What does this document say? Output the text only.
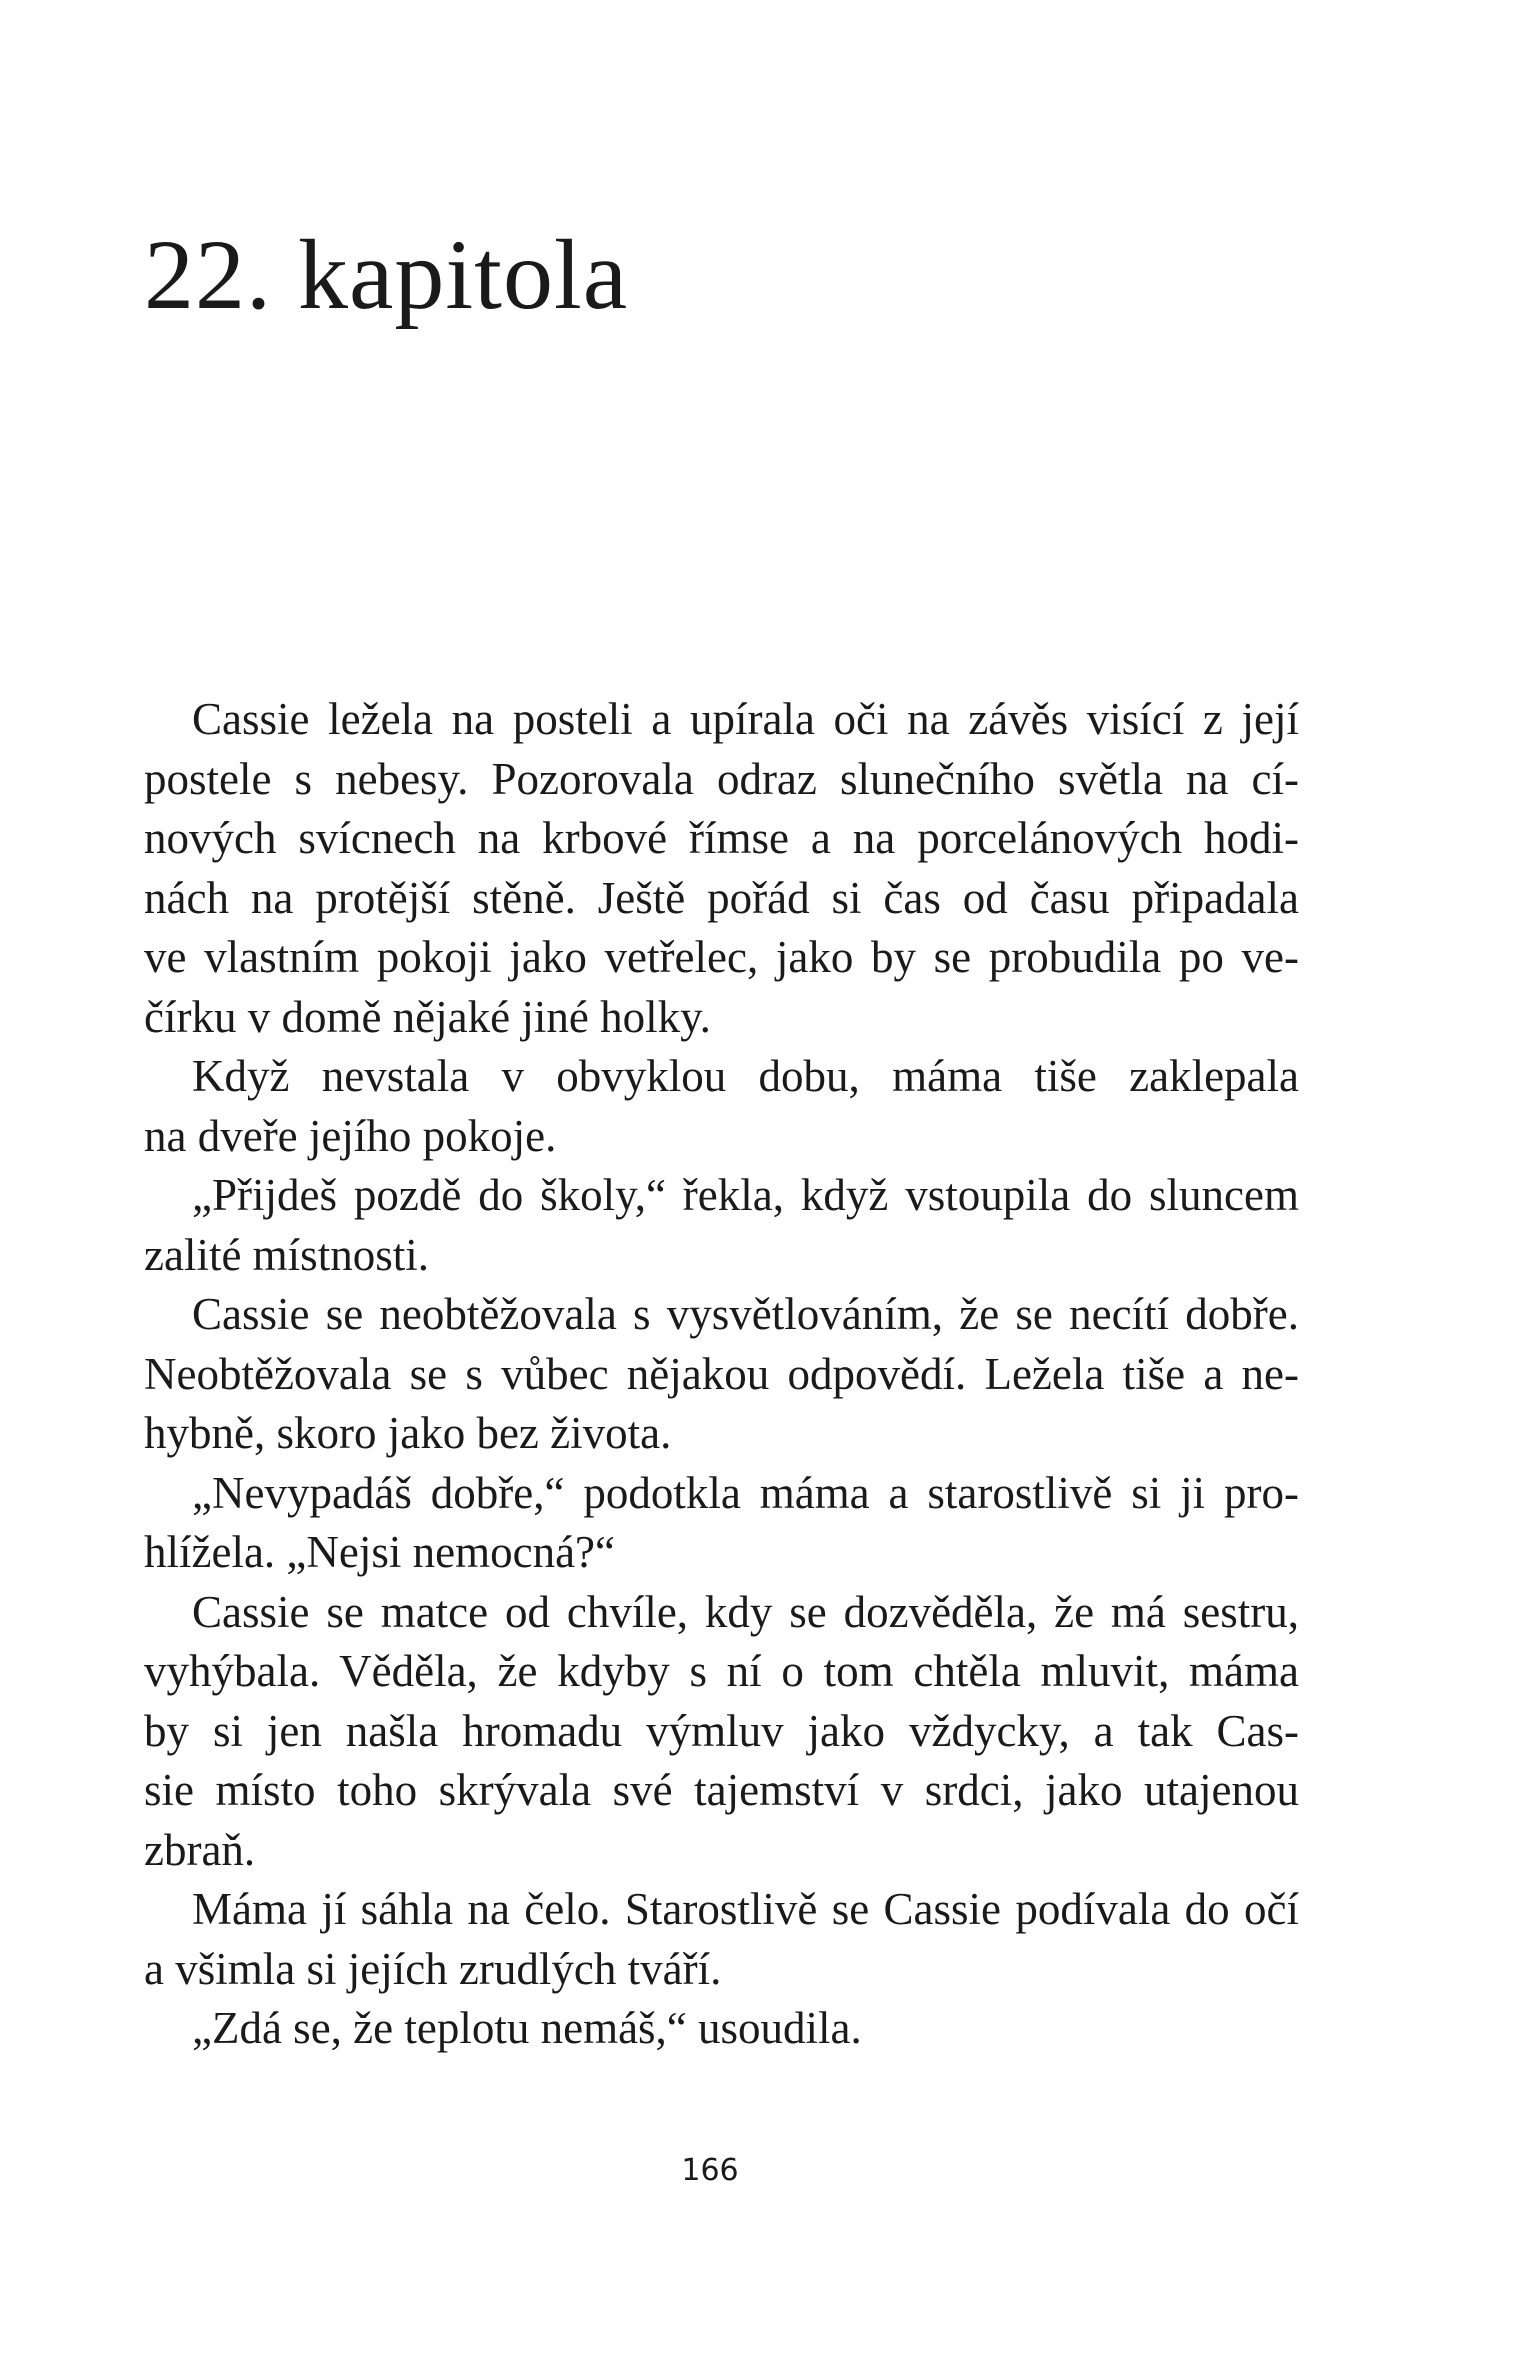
22. kapitola

Cassie ležela na posteli a upírala oči na závěs visící z její
postele s nebesy. Pozorovala odraz slunečního světla na cí-
nových svícnech na krbové římse a na porcelánových hodi-
nách na protější stěně. Ještě pořád si čas od času připadala
ve vlastním pokoji jako vetřelec, jako by se probudila po ve-
čírku v domě nějaké jiné holky.

Když nevstala v obvyklou dobu, máma tiše zaklepala
na dveře jejího pokoje.

„Přijdeš pozdě do školy,“ řekla, když vstoupila do sluncem
zalité místnosti.

Cassie se neobtěžovala s vysvětlováním, že se necítí dobře.
Neobtěžovala se s vůbec nějakou odpovědí. Ležela tiše a ne-
hybně, skoro jako bez života.

„Nevypadáš dobře,“ podotkla máma a starostlivě si ji pro-
hlížela. „Nejsi nemocná?“

Cassie se matce od chvíle, kdy se dozvěděla, že má sestru,
vyhýbala. Věděla, že kdyby s ní o tom chtěla mluvit, máma
by si jen našla hromadu výmluv jako vždycky, a tak Cas-
sie místo toho skrývala své tajemství v srdci, jako utajenou
zbraň.

Máma jí sáhla na čelo. Starostlivě se Cassie podívala do očí
a všimla si jejích zrudlých tváří.

„Zdá se, že teplotu nemáš,“ usoudila.

166
